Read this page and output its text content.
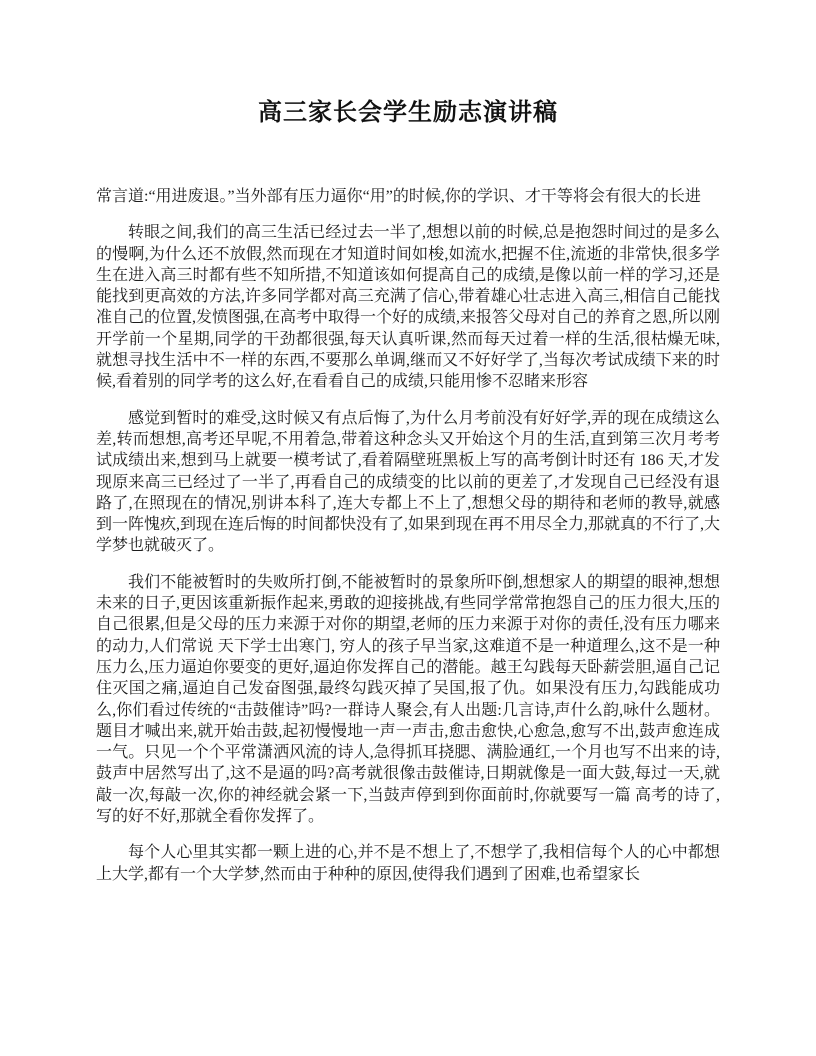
高三家长会学生励志演讲稿

常言道:“用进废退。”当外部有压力逼你“用”的时候,你的学识、才干等将会有很大的长进

转眼之间,我们的高三生活已经过去一半了,想想以前的时候,总是抱怨时间过的是多么的慢啊,为什么还不放假,然而现在才知道时间如梭,如流水,把握不住,流逝的非常快,很多学生在进入高三时都有些不知所措,不知道该如何提高自己的成绩,是像以前一样的学习,还是能找到更高效的方法,许多同学都对高三充满了信心,带着雄心壮志进入高三,相信自己能找准自己的位置,发愤图强,在高考中取得一个好的成绩,来报答父母对自己的养育之恩,所以刚开学前一个星期,同学的干劲都很强,每天认真听课,然而每天过着一样的生活,很枯燥无味,就想寻找生活中不一样的东西,不要那么单调,继而又不好好学了,当每次考试成绩下来的时候,看着别的同学考的这么好,在看看自己的成绩,只能用惨不忍睹来形容

感觉到暂时的难受,这时候又有点后悔了,为什么月考前没有好好学,弄的现在成绩这么差,转而想想,高考还早呢,不用着急,带着这种念头又开始这个月的生活,直到第三次月考考试成绩出来,想到马上就要一模考试了,看着隔壁班黑板上写的高考倒计时还有 186 天,才发现原来高三已经过了一半了,再看自己的成绩变的比以前的更差了,才发现自己已经没有退路了,在照现在的情况,别讲本科了,连大专都上不上了,想想父母的期待和老师的教导,就感到一阵愧疚,到现在连后悔的时间都快没有了,如果到现在再不用尽全力,那就真的不行了,大学梦也就破灭了。

我们不能被暂时的失败所打倒,不能被暂时的景象所吓倒,想想家人的期望的眼神,想想未来的日子,更因该重新振作起来,勇敢的迎接挑战,有些同学常常抱怨自己的压力很大,压的自己很累,但是父母的压力来源于对你的期望,老师的压力来源于对你的责任,没有压力哪来的动力,人们常说 天下学士出寒门, 穷人的孩子早当家,这难道不是一种道理么,这不是一种压力么,压力逼迫你要变的更好,逼迫你发挥自己的潜能。越王勾践每天卧薪尝胆,逼自己记住灭国之痛,逼迫自己发奋图强,最终勾践灭掉了吴国,报了仇。如果没有压力,勾践能成功么,你们看过传统的“击鼓催诗”吗?一群诗人聚会,有人出题:几言诗,声什么韵,咏什么题材。题目才喊出来,就开始击鼓,起初慢慢地一声一声击,愈击愈快,心愈急,愈写不出,鼓声愈连成一气。只见一个个平常潇洒风流的诗人,急得抓耳挠腮、满脸通红,一个月也写不出来的诗,鼓声中居然写出了,这不是逼的吗?高考就很像击鼓催诗,日期就像是一面大鼓,每过一天,就敲一次,每敲一次,你的神经就会紧一下,当鼓声停到到你面前时,你就要写一篇 高考的诗了,写的好不好,那就全看你发挥了。

每个人心里其实都一颗上进的心,并不是不想上了,不想学了,我相信每个人的心中都想上大学,都有一个大学梦,然而由于种种的原因,使得我们遇到了困难,也希望家长
